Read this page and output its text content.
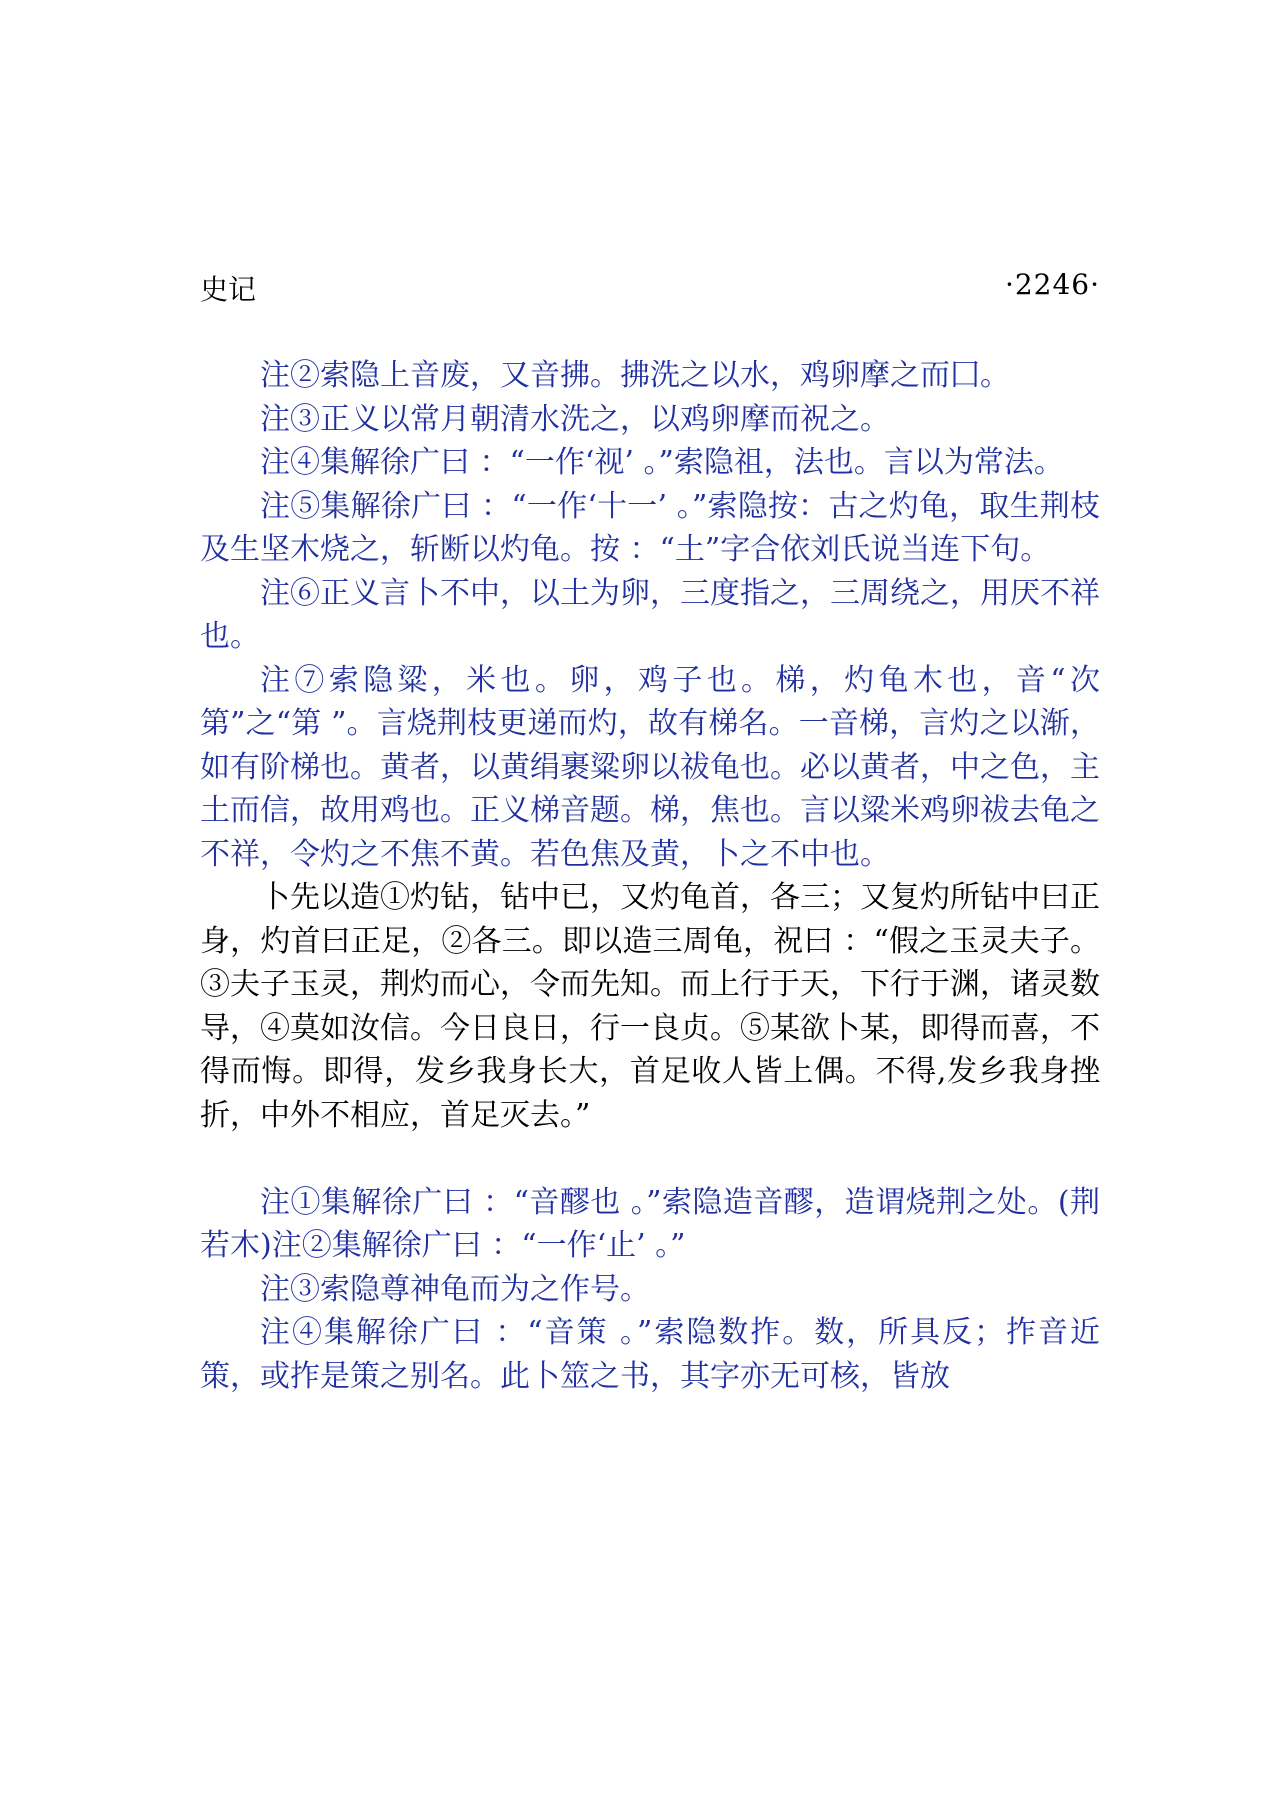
史记	·2246·

注②索隐上音废，又音拂。拂洗之以水，鸡卵摩之而囗。

注③正义以常月朝清水洗之，以鸡卵摩而祝之。

注④集解徐广曰 ：“一作‘视’ 。”索隐祖，法也。言以为常法。

注⑤集解徐广曰 ：“一作‘十一’ 。”索隐按：古之灼龟，取生荆枝及生坚木烧之，斩断以灼龟。按 ：“土”字合依刘氏说当连下句。

注⑥正义言卜不中，以土为卵，三度指之，三周绕之，用厌不祥也。

注⑦索隐粱，米也。卵，鸡子也。梯，灼龟木也，音“次第”之“第 ”。言烧荆枝更递而灼，故有梯名。一音梯，言灼之以渐，如有阶梯也。黄者，以黄绢裹粱卵以祓龟也。必以黄者，中之色，主土而信，故用鸡也。正义梯音题。梯，焦也。言以粱米鸡卵祓去龟之不祥，令灼之不焦不黄。若色焦及黄，卜之不中也。

卜先以造①灼钻，钻中已，又灼龟首，各三；又复灼所钻中曰正身，灼首曰正足，②各三。即以造三周龟，祝曰 ：“假之玉灵夫子。③夫子玉灵，荆灼而心，令而先知。而上行于天，下行于渊，诸灵数导，④莫如汝信。今日良日，行一良贞。⑤某欲卜某，即得而喜，不得而悔。即得，发乡我身长大，首足收人皆上偶。不得,发乡我身挫折，中外不相应，首足灭去。”

注①集解徐广曰 ：“音醪也 。”索隐造音醪，造谓烧荆之处。(荆若木)注②集解徐广曰 ：“一作‘止’ 。”

注③索隐尊神龟而为之作号。

注④集解徐广曰 ：“音策 。”索隐数拃。数，所具反；拃音近策，或拃是策之别名。此卜筮之书，其字亦无可核，皆放
